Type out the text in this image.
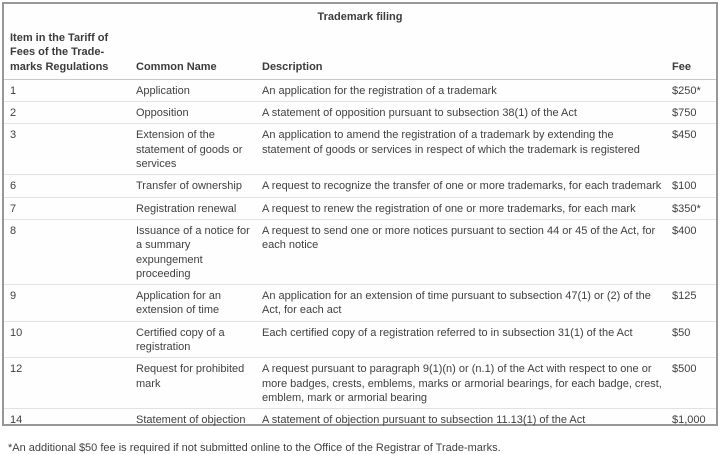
Trademark filing
Item in the Tariff of Fees of the Trade-marks Regulations	Common Name	Description	Fee
1	Application	An application for the registration of a trademark	$250*
2	Opposition	A statement of opposition pursuant to subsection 38(1) of the Act	$750
3	Extension of the statement of goods or services	An application to amend the registration of a trademark by extending the statement of goods or services in respect of which the trademark is registered	$450
6	Transfer of ownership	A request to recognize the transfer of one or more trademarks, for each trademark	$100
7	Registration renewal	A request to renew the registration of one or more trademarks, for each mark	$350*
8	Issuance of a notice for a summary expungement proceeding	A request to send one or more notices pursuant to section 44 or 45 of the Act, for each notice	$400
9	Application for an extension of time	An application for an extension of time pursuant to subsection 47(1) or (2) of the Act, for each act	$125
10	Certified copy of a registration	Each certified copy of a registration referred to in subsection 31(1) of the Act	$50
12	Request for prohibited mark	A request pursuant to paragraph 9(1)(n) or (n.1) of the Act with respect to one or more badges, crests, emblems, marks or armorial bearings, for each badge, crest, emblem, mark or armorial bearing	$500
14	Statement of objection	A statement of objection pursuant to subsection 11.13(1) of the Act	$1,000
*An additional $50 fee is required if not submitted online to the Office of the Registrar of Trade-marks.
